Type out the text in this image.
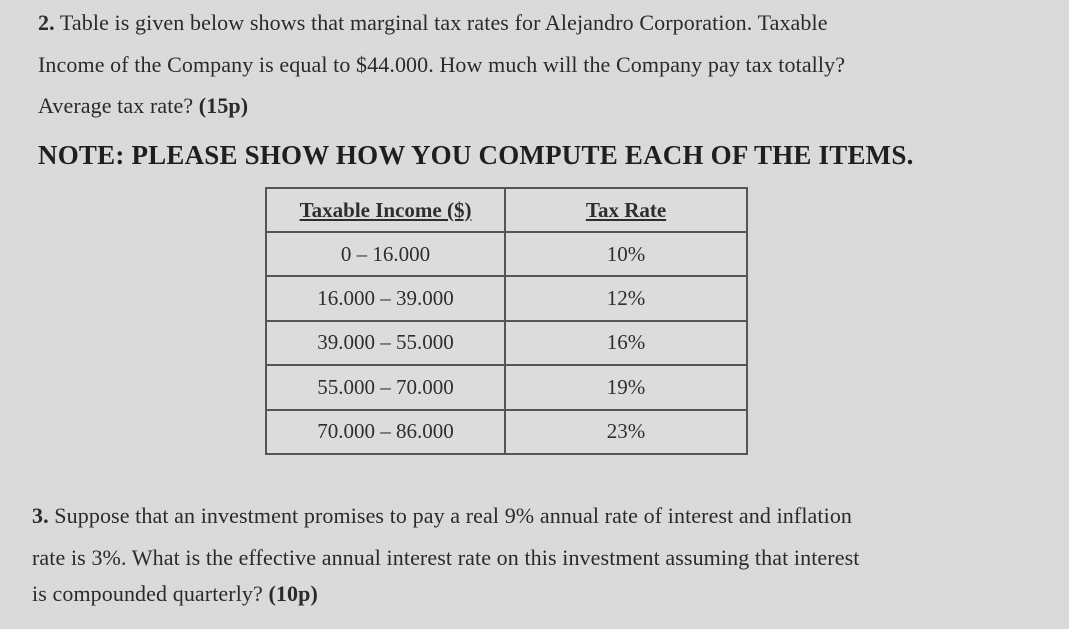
2. Table is given below shows that marginal tax rates for Alejandro Corporation. Taxable
Income of the Company is equal to $44.000. How much will the Company pay tax totally?
Average tax rate? (15p)
NOTE: PLEASE SHOW HOW YOU COMPUTE EACH OF THE ITEMS.
Taxable Income ($)	Tax Rate
0 – 16.000	10%
16.000 – 39.000	12%
39.000 – 55.000	16%
55.000 – 70.000	19%
70.000 – 86.000	23%
3. Suppose that an investment promises to pay a real 9% annual rate of interest and inflation
rate is 3%. What is the effective annual interest rate on this investment assuming that interest
is compounded quarterly? (10p)
